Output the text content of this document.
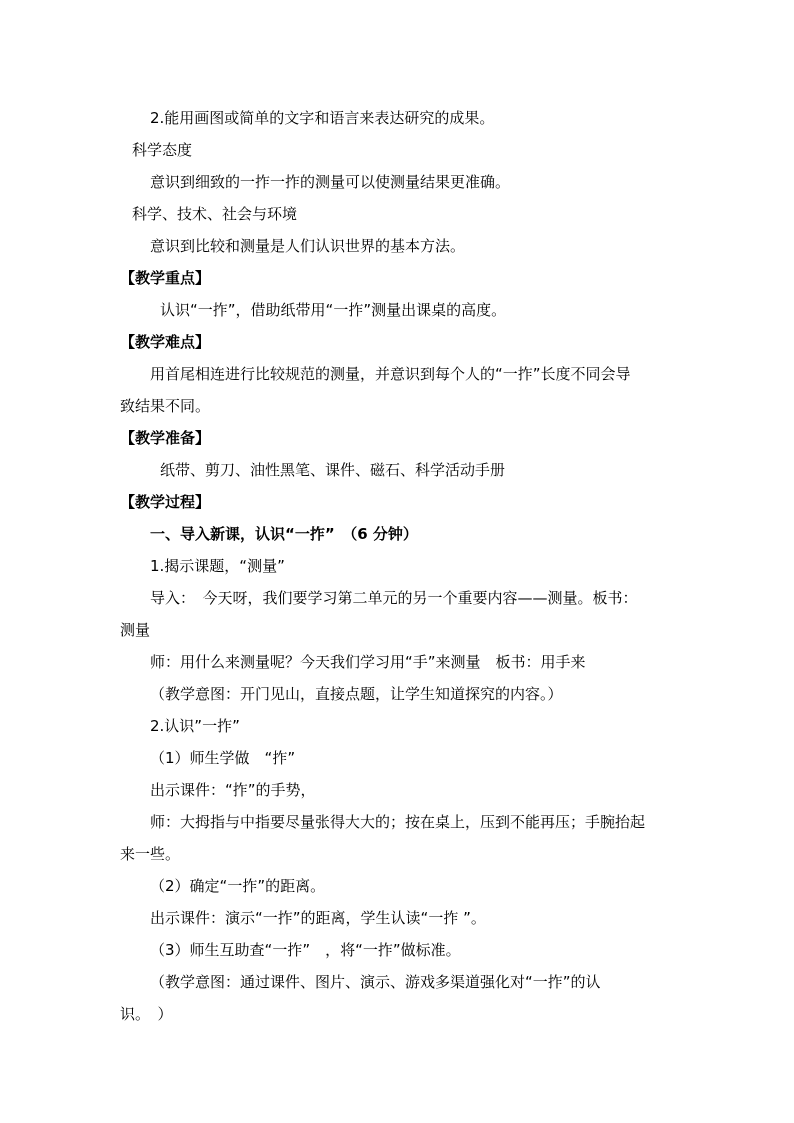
2.能用画图或简单的文字和语言来表达研究的成果。
科学态度
意识到细致的一拃一拃的测量可以使测量结果更准确。
科学、技术、社会与环境
意识到比较和测量是人们认识世界的基本方法。
【教学重点】
认识“一拃”，借助纸带用“一拃”测量出课桌的高度。
【教学难点】
用首尾相连进行比较规范的测量，并意识到每个人的“一拃”长度不同会导
致结果不同。
【教学准备】
纸带、剪刀、油性黑笔、课件、磁石、科学活动手册
【教学过程】
一、导入新课，认识“一拃”　（6 分钟）
1.揭示课题，“测量”
导入：　今天呀，我们要学习第二单元的另一个重要内容——测量。板书：
测量
师：用什么来测量呢？今天我们学习用“手”来测量　板书：用手来
（教学意图：开门见山，直接点题，让学生知道探究的内容。）
2.认识”一拃”
（1）师生学做　“拃”
出示课件：“拃”的手势，
师：大拇指与中指要尽量张得大大的；按在桌上，压到不能再压；手腕抬起
来一些。
（2）确定“一拃”的距离。
出示课件：演示“一拃”的距离，学生认读“一拃 ”。
（3）师生互助查“一拃”　，将“一拃”做标准。
（教学意图：通过课件、图片、演示、游戏多渠道强化对“一拃”的认
识。　）
